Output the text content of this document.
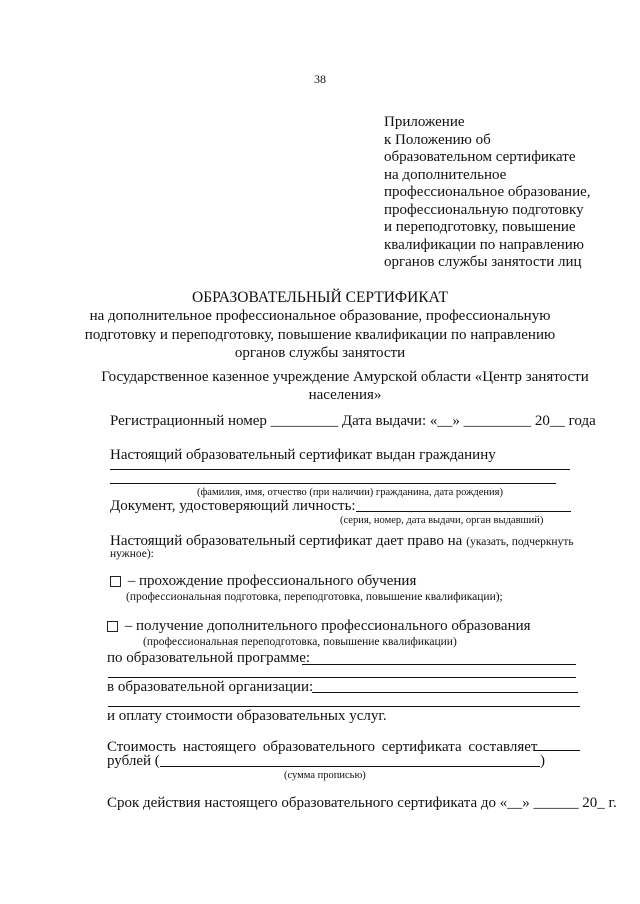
38
Приложение
к Положению об
образовательном сертификате
на дополнительное
профессиональное образование,
профессиональную подготовку
и переподготовку, повышение
квалификации по направлению
органов службы занятости лиц
ОБРАЗОВАТЕЛЬНЫЙ СЕРТИФИКАТ
на дополнительное профессиональное образование, профессиональную
подготовку и переподготовку, повышение квалификации по направлению
органов службы занятости
Государственное казенное учреждение Амурской области «Центр занятости
населения»
Регистрационный номер _________ Дата выдачи: «__» _________ 20__ года
Настоящий образовательный сертификат выдан гражданину
(фамилия, имя, отчество (при наличии) гражданина, дата рождения)
Документ, удостоверяющий личность:
(серия, номер, дата выдачи, орган выдавший)
Настоящий образовательный сертификат дает право на (указать, подчеркнуть
нужное):
– прохождение профессионального обучения
(профессиональная подготовка, переподготовка, повышение квалификации);
– получение дополнительного профессионального образования
(профессиональная переподготовка, повышение квалификации)
по образовательной программе:
в образовательной организации:
и оплату стоимости образовательных услуг.
Стоимость настоящего образовательного сертификата составляет
рублей (	)
(сумма прописью)
Срок действия настоящего образовательного сертификата до «__» ______ 20_ г.
